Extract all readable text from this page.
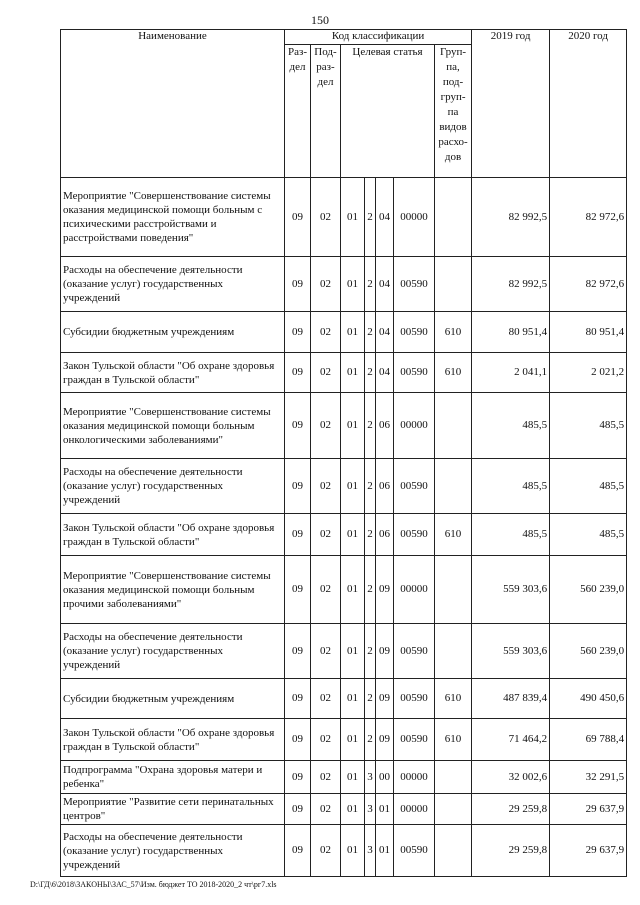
150
Наименование	Код классификации							2019 год	2020 год
	Раз- дел	Под- раз- дел	Целевая статья				Груп- па, под- груп- па видов расхо- дов		
Мероприятие "Совершенствование системы оказания медицинской помощи больным с психическими расстройствами и расстройствами поведения"	09	02	01	2	04	00000		82 992,5	82 972,6
Расходы на обеспечение деятельности (оказание услуг) государственных учреждений	09	02	01	2	04	00590		82 992,5	82 972,6
Субсидии бюджетным учреждениям	09	02	01	2	04	00590	610	80 951,4	80 951,4
Закон Тульской области "Об охране здоровья граждан в Тульской области"	09	02	01	2	04	00590	610	2 041,1	2 021,2
Мероприятие "Совершенствование системы оказания медицинской помощи больным онкологическими заболеваниями"	09	02	01	2	06	00000		485,5	485,5
Расходы на обеспечение деятельности (оказание услуг) государственных учреждений	09	02	01	2	06	00590		485,5	485,5
Закон Тульской области "Об охране здоровья граждан в Тульской области"	09	02	01	2	06	00590	610	485,5	485,5
Мероприятие "Совершенствование системы оказания медицинской помощи больным прочими заболеваниями"	09	02	01	2	09	00000		559 303,6	560 239,0
Расходы на обеспечение деятельности (оказание услуг) государственных учреждений	09	02	01	2	09	00590		559 303,6	560 239,0
Субсидии бюджетным учреждениям	09	02	01	2	09	00590	610	487 839,4	490 450,6
Закон Тульской области "Об охране здоровья граждан в Тульской области"	09	02	01	2	09	00590	610	71 464,2	69 788,4
Подпрограмма "Охрана здоровья матери и ребенка"	09	02	01	3	00	00000		32 002,6	32 291,5
Мероприятие "Развитие сети перинатальных центров"	09	02	01	3	01	00000		29 259,8	29 637,9
Расходы на обеспечение деятельности (оказание услуг) государственных учреждений	09	02	01	3	01	00590		29 259,8	29 637,9
D:\ГД\6\2018\ЗАКОНЫ\ЗАС_57\Изм. бюджет ТО 2018-2020_2 чт\рг7.xls
